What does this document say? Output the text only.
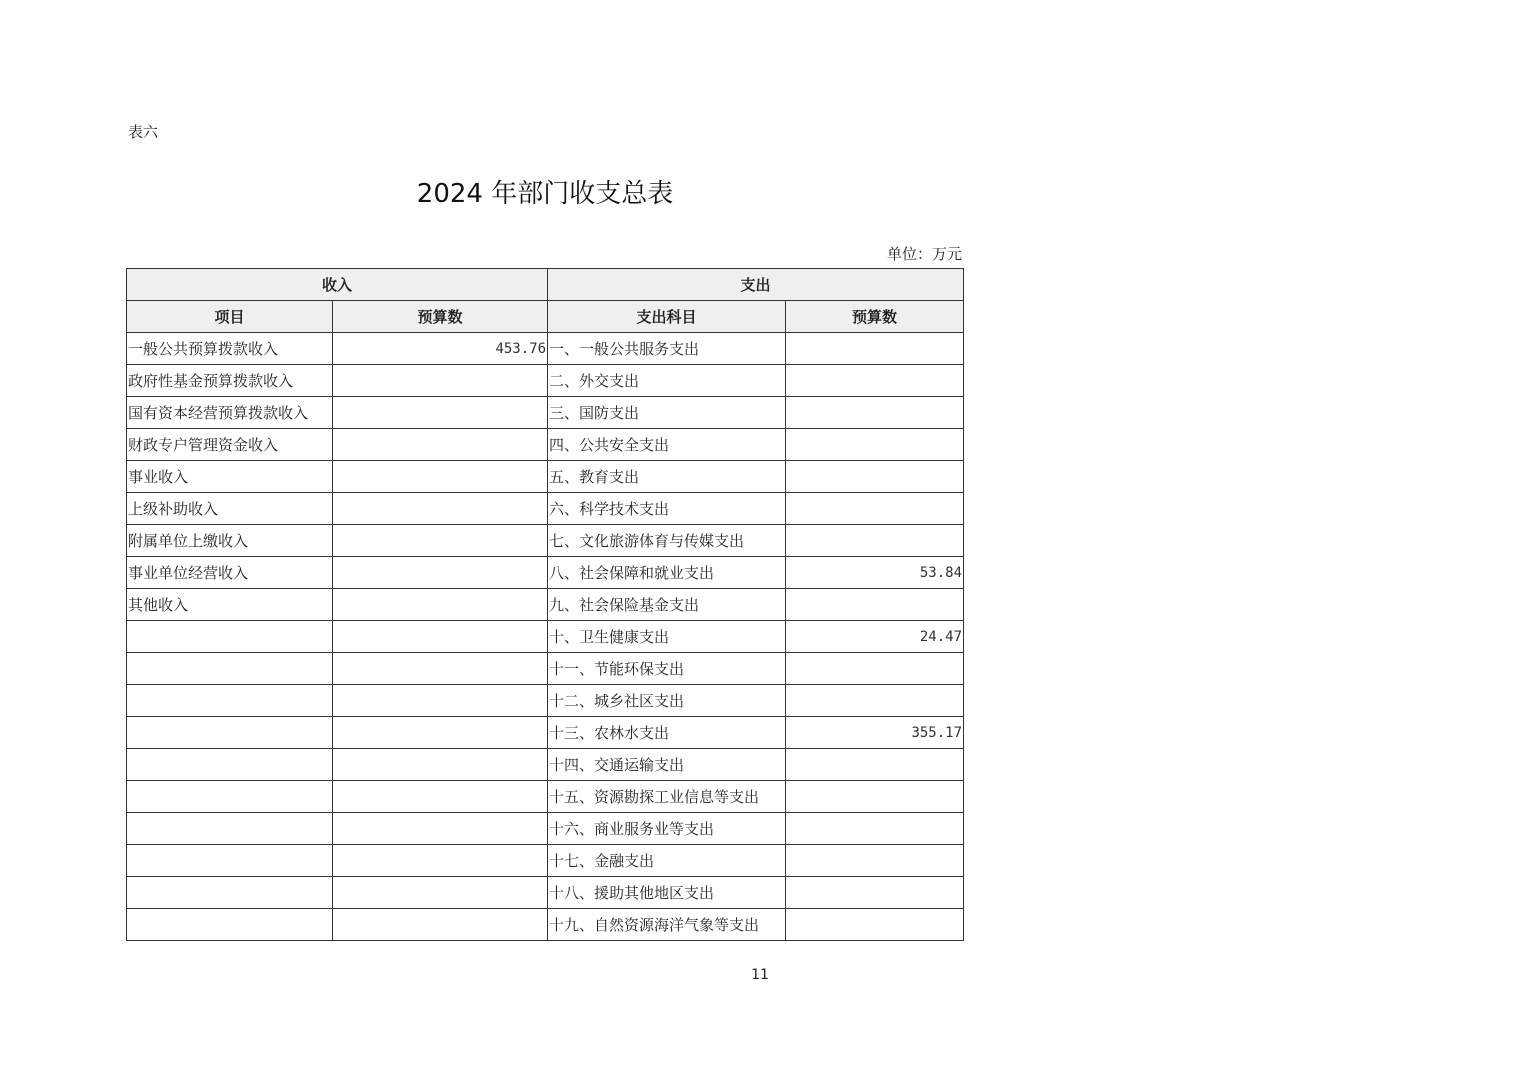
表六
2024 年部门收支总表
单位：万元
收入		支出	
项目	预算数	支出科目	预算数
一般公共预算拨款收入	453.76	一、一般公共服务支出	
政府性基金预算拨款收入		二、外交支出	
国有资本经营预算拨款收入		三、国防支出	
财政专户管理资金收入		四、公共安全支出	
事业收入		五、教育支出	
上级补助收入		六、科学技术支出	
附属单位上缴收入		七、文化旅游体育与传媒支出	
事业单位经营收入		八、社会保障和就业支出	53.84
其他收入		九、社会保险基金支出	
		十、卫生健康支出	24.47
		十一、节能环保支出	
		十二、城乡社区支出	
		十三、农林水支出	355.17
		十四、交通运输支出	
		十五、资源勘探工业信息等支出	
		十六、商业服务业等支出	
		十七、金融支出	
		十八、援助其他地区支出	
		十九、自然资源海洋气象等支出	
11
